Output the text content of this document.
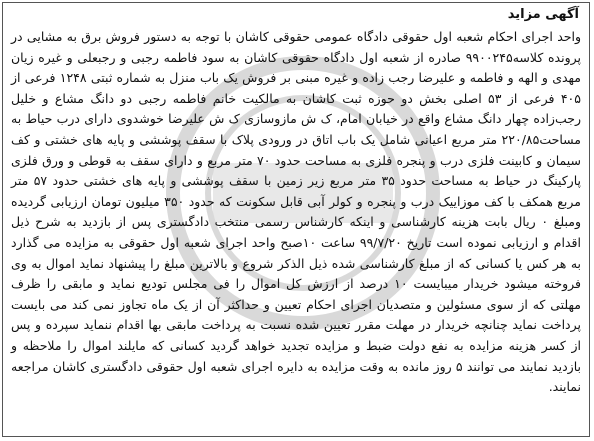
آگهی مزاید
واحد اجرای احکام شعبه اول حقوقی دادگاه عمومی حقوقی کاشان با توجه به دستور فروش برق به مشایی در پرونده کلاسه۹۹۰۰۲۴۵ صادره از شعبه اول دادگاه حقوقی کاشان به سود فاطمه رجبی و رجبعلی و غیره زیان مهدی و الهه و فاطمه و علیرضا رجب زاده و غیره مبنی بر فروش یک باب منزل به شماره ثبتی ۱۲۴۸ فرعی از ۴۰۵ فرعی از ۵۳ اصلی بخش دو حوزه ثبت کاشان به مالکیت خانم فاطمه رجبی دو دانگ مشاع و خلیل رجب‌زاده چهار دانگ مشاع واقع در خیابان امام، ک ش مازوسازی ک ش علیرضا خوشدوی دارای درب حیاط به مساحت۲۲۰/۸۵ متر مربع اعیانی شامل یک باب اتاق در ورودی پلاک با سقف پوششی و پایه های خشتی و کف سیمان و کابینت فلزی درب و پنجره فلزی به مساحت حدود ۷۰ متر مربع و دارای سقف به قوطی و ورق فلزی پارکینگ در حیاط به مساحت حدود ۳۵ متر مربع زیر زمین با سقف پوششی و پایه های خشتی حدود ۵۷ متر مربع همکف با کف موزاییک درب و پنجره و کولر آبی قابل سکونت که حدود ۳۵۰ میلیون تومان ارزیابی گردیده ومبلغ ۰ ریال بابت هزینه کارشناسی و اینکه کارشناس رسمی منتخب دادگستری پس از بازدید به شرح ذیل اقدام و ارزیابی نموده است تاریخ ۹۹/۷/۲۰ ساعت ۱۰صبح واحد اجرای شعبه اول حقوقی به مزایده می گذارد به هر کس یا کسانی که از مبلغ کارشناسی شده ذیل الذکر شروع و بالاترین مبلغ را پیشنهاد نماید اموال به وی فروخته میشود خریدار میبایست ۱۰ درصد از ارزش کل اموال را فی مجلس تودیع نماید و مابقی را ظرف مهلتی که از سوی مسئولین و متصدیان اجرای احکام تعیین و حداکثر آن از یک ماه تجاوز نمی کند می بایست پرداخت نماید چنانچه خریدار در مهلت مقرر تعیین شده نسبت به پرداخت مابقی بها اقدام ننماید سپرده و پس از کسر هزینه مزایده به نفع دولت ضبط و مزایده تجدید خواهد گردید کسانی که مایلند اموال را ملاحظه و بازدید نمایند می توانند ۵ روز مانده به وقت مزایده به دایره اجرای شعبه اول حقوقی دادگستری کاشان مراجعه نمایند.
